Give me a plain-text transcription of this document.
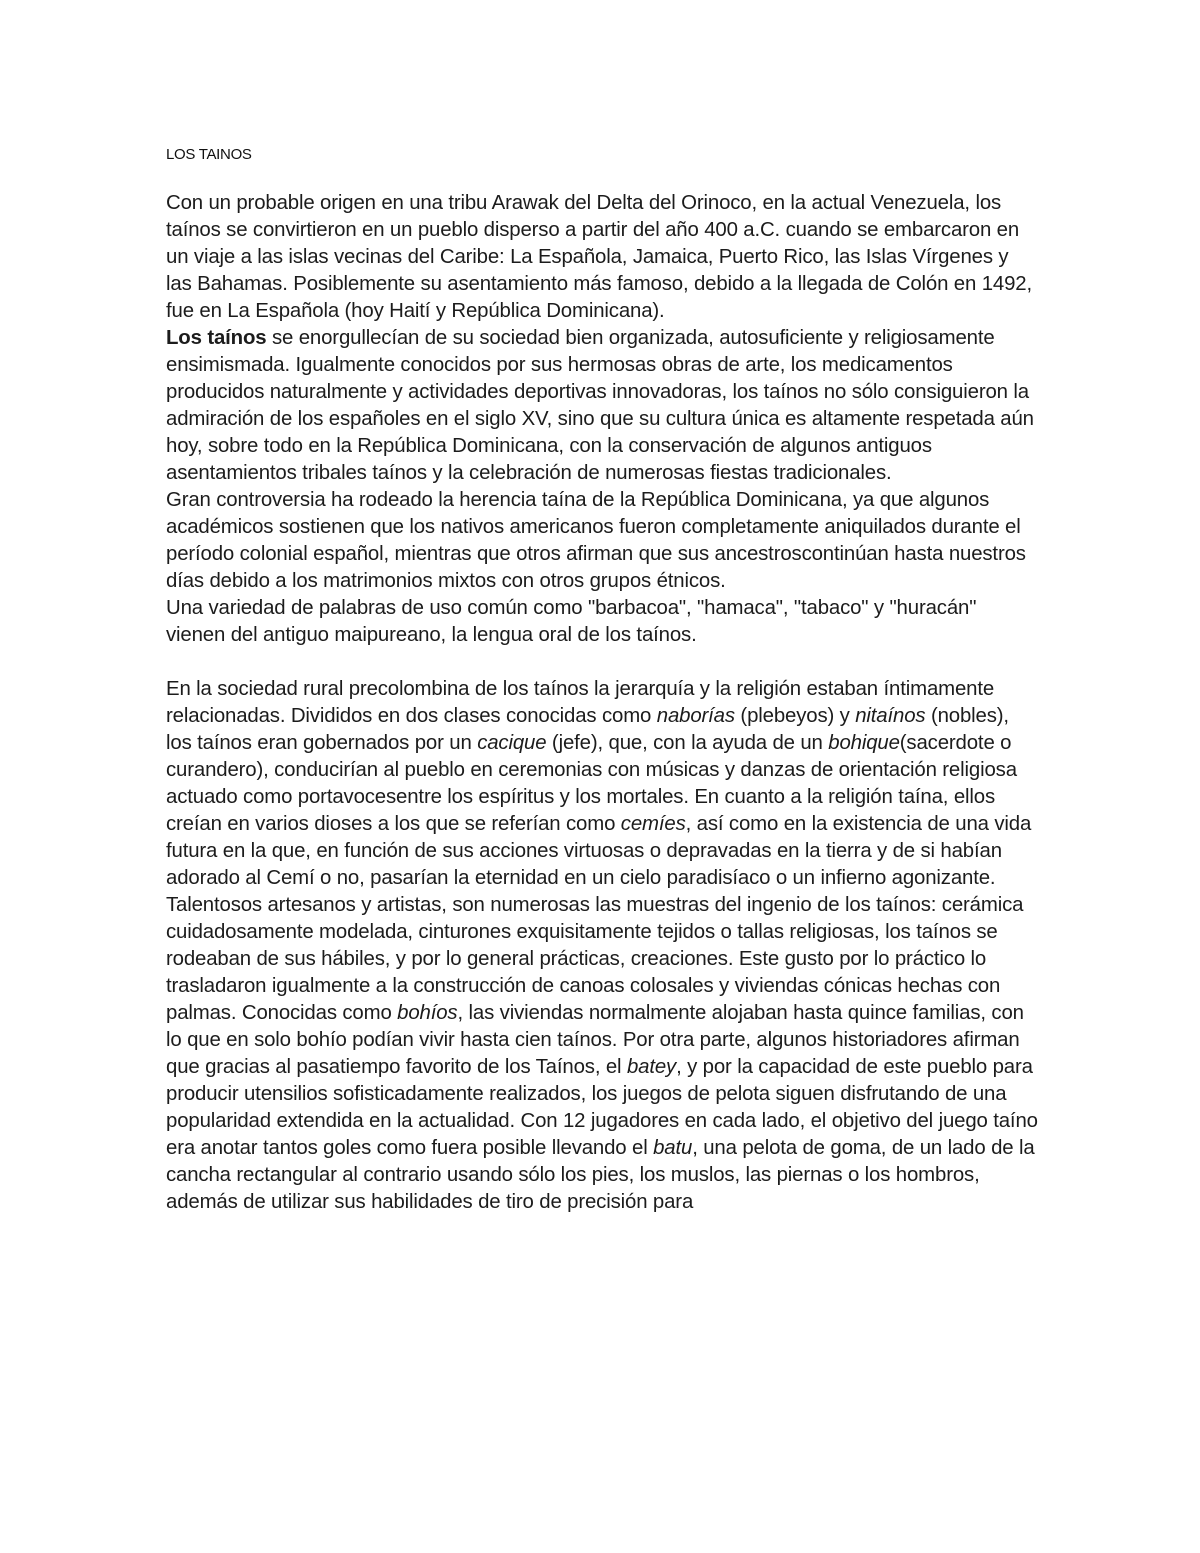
LOS TAINOS

Con un probable origen en una tribu Arawak del Delta del Orinoco, en la actual Venezuela, los taínos se convirtieron en un pueblo disperso a partir del año 400 a.C. cuando se embarcaron en un viaje a las islas vecinas del Caribe: La Española, Jamaica, Puerto Rico, las Islas Vírgenes y las Bahamas. Posiblemente su asentamiento más famoso, debido a la llegada de Colón en 1492, fue en La Española (hoy Haití y República Dominicana).

Los taínos se enorgullecían de su sociedad bien organizada, autosuficiente y religiosamente ensimismada. Igualmente conocidos por sus hermosas obras de arte, los medicamentos producidos naturalmente y actividades deportivas innovadoras, los taínos no sólo consiguieron la admiración de los españoles en el siglo XV, sino que su cultura única es altamente respetada aún hoy, sobre todo en la República Dominicana, con la conservación de algunos antiguos asentamientos tribales taínos y la celebración de numerosas fiestas tradicionales.

Gran controversia ha rodeado la herencia taína de la República Dominicana, ya que algunos académicos sostienen que los nativos americanos fueron completamente aniquilados durante el período colonial español, mientras que otros afirman que sus ancestroscontinúan hasta nuestros días debido a los matrimonios mixtos con otros grupos étnicos.

Una variedad de palabras de uso común como "barbacoa", "hamaca", "tabaco" y "huracán" vienen del antiguo maipureano, la lengua oral de los taínos.

En la sociedad rural precolombina de los taínos la jerarquía y la religión estaban íntimamente relacionadas. Divididos en dos clases conocidas como naborías (plebeyos) y nitaínos (nobles), los taínos eran gobernados por un cacique (jefe), que, con la ayuda de un bohique(sacerdote o curandero), conducirían al pueblo en ceremonias con músicas y danzas de orientación religiosa actuado como portavocesentre los espíritus y los mortales. En cuanto a la religión taína, ellos creían en varios dioses a los que se referían como cemíes, así como en la existencia de una vida futura en la que, en función de sus acciones virtuosas o depravadas en la tierra y de si habían adorado al Cemí o no, pasarían la eternidad en un cielo paradisíaco o un infierno agonizante.

Talentosos artesanos y artistas, son numerosas las muestras del ingenio de los taínos: cerámica cuidadosamente modelada, cinturones exquisitamente tejidos o tallas religiosas, los taínos se rodeaban de sus hábiles, y por lo general prácticas, creaciones. Este gusto por lo práctico lo trasladaron igualmente a la construcción de canoas colosales y viviendas cónicas hechas con palmas. Conocidas como bohíos, las viviendas normalmente alojaban hasta quince familias, con lo que en solo bohío podían vivir hasta cien taínos. Por otra parte, algunos historiadores afirman que gracias al pasatiempo favorito de los Taínos, el batey, y por la capacidad de este pueblo para producir utensilios sofisticadamente realizados, los juegos de pelota siguen disfrutando de una popularidad extendida en la actualidad. Con 12 jugadores en cada lado, el objetivo del juego taíno era anotar tantos goles como fuera posible llevando el batu, una pelota de goma, de un lado de la cancha rectangular al contrario usando sólo los pies, los muslos, las piernas o los hombros, además de utilizar sus habilidades de tiro de precisión para
